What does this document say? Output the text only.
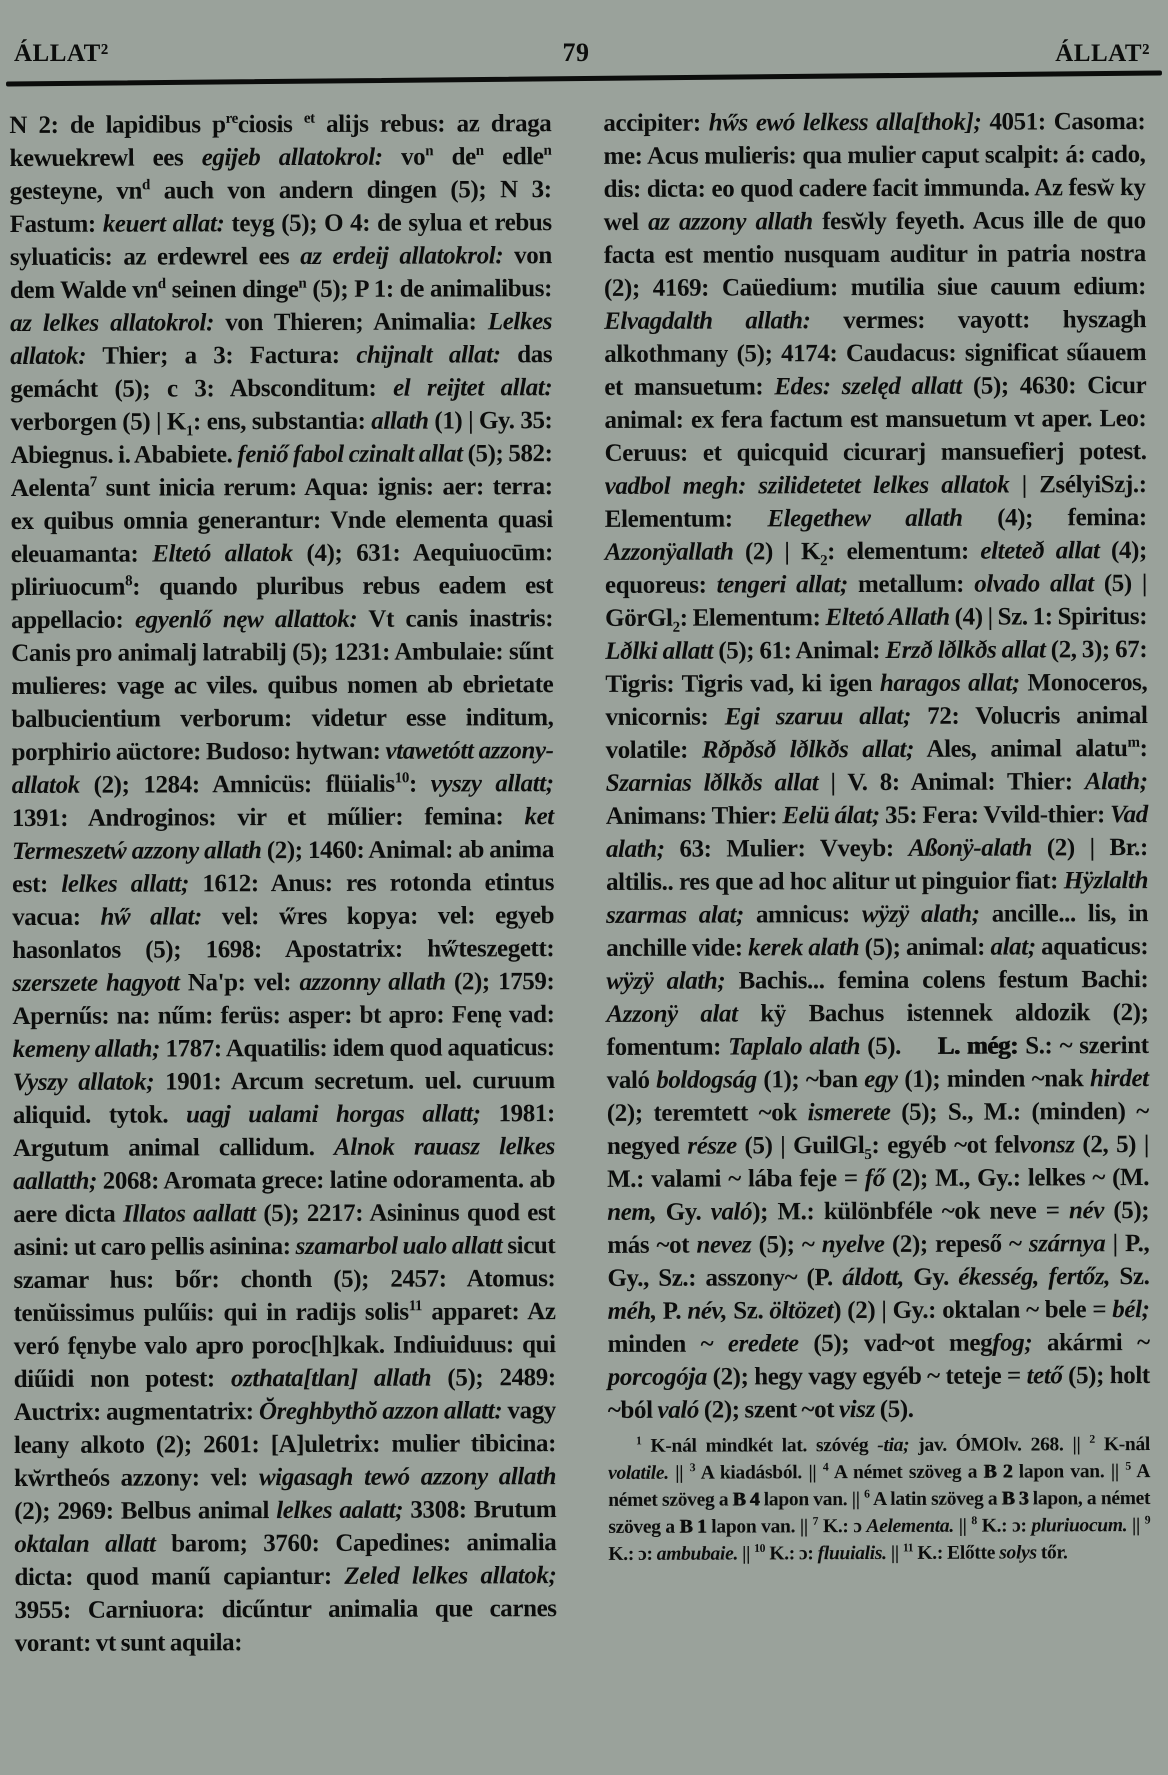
ÁLLAT²	79	ÁLLAT²
N 2: de lapidibus $p^{re}ciosis$ $^{et}$ alijs rebus: az draga kewuekrewl ees egijeb allatokrol: $vo^n$ $de^n$ edle$^n$ gesteyne, $vn^d$ auch von andern dingen (5); N 3: Fastum: keuert allat: teyg (5); O 4: de sylua et rebus syluaticis: az erdewrel ees az erdeij allatokrol: von dem Walde $vn^d$ seinen dinge$^n$ (5); P 1: de animalibus: az lelkes allatokrol: von Thieren; Animalia: Lelkes allatok: Thier; a 3: Factura: chijnalt allat: das gemácht (5); c 3: Absconditum: el reijtet allat: verborgen (5) | $K_1$: ens, substantia: allath (1) | Gy. 35: Abiegnus. i. Ababiete. feniő fabol czinalt allat (5); 582: Aelenta$^7$ sunt inicia rerum: Aqua: ignis: aer: terra: ex quibus omnia generantur: Vnde elementa quasi eleuamanta: Eltetó allatok (4); 631: Aequiuocūm: pliriuocum$^8$: quando pluribus rebus eadem est appellacio: egyenlő nęw allattok: Vt canis inastris: Canis pro animalj latrabilj (5); 1231: Ambulaie: sűnt mulieres: vage ac viles. quibus nomen ab ebrietate balbucientium verborum: videtur esse inditum, porphirio aüctore: Budoso: hytwan: vtawetótt azzony-allatok (2); 1284: Amnicüs: flüialis$^{10}$: vyszy allatt; 1391: Androginos: vir et műlier: femina: ket Termeszetẃ azzony allath (2); 1460: Animal: ab anima est: lelkes allatt; 1612: Anus: res rotonda etintus vacua: hw̋ allat: vel: w̋res kopya: vel: egyeb hasonlatos (5); 1698: Apostatrix: hw̋teszegett: szerszete hagyott Na'p: vel: azzonny allath (2); 1759: Apernűs: na: nűm: ferüs: asper: bt apro: Fenę vad: kemeny allath; 1787: Aquatilis: idem quod aquaticus: Vyszy allatok; 1901: Arcum secretum. uel. curuum aliquid. tytok. uagj ualami horgas allatt; 1981: Argutum animal callidum. Alnok rauasz lelkes aallatth; 2068: Aromata grece: latine odoramenta. ab aere dicta Illatos aallatt (5); 2217: Asininus quod est asini: ut caro pellis asinina: szamarbol ualo allatt sicut szamar hus: bőr: chonth (5); 2457: Atomus: tenŭissimus pulűis: qui in radijs solis$^{11}$ apparet: Az veró fęnybe valo apro poroc[h]kak. Indiuiduus: qui diűidi non potest: ozthata[tlan] allath (5); 2489: Auctrix: augmentatrix: Ŏreghbythŏ azzon allatt: vagy leany alkoto (2); 2601: [A]uletrix: mulier tibicina: kw̆rtheós azzony: vel: wigasagh tewó azzony allath (2); 2969: Belbus animal lelkes aalatt; 3308: Brutum oktalan allatt barom; 3760: Capedines: animalia dicta: quod manű capiantur: Zeled lelkes allatok; 3955: Carniuora: dicűntur animalia que carnes vorant: vt sunt aquila:
accipiter: hw̋s ewó lelkess alla[thok]; 4051: Casoma: me: Acus mulieris: qua mulier caput scalpit: á: cado, dis: dicta: eo quod cadere facit immunda. Az fesw̆ ky wel az azzony allath fesw̆ly feyeth. Acus ille de quo facta est mentio nusquam auditur in patria nostra (2); 4169: Caüedium: mutilia siue cauum edium: Elvagdalth allath: vermes: vayott: hyszagh alkothmany (5); 4174: Caudacus: significat sűauem et mansuetum: Edes: szelęd allatt (5); 4630: Cicur animal: ex fera factum est mansuetum vt aper. Leo: Ceruus: et quicquid cicurarj mansuefierj potest. vadbol megh: szilidetetet lelkes allatok | ZsélyiSzj.: Elementum: Elegethew allath (4); femina: Azzonÿallath (2) | $K_2$: elementum: elteteð allat (4); equoreus: tengeri allat; metallum: olvado allat (5) | GörGl$_2$: Elementum: Eltetó Allath (4) | Sz. 1: Spiritus: Lðlki allatt (5); 61: Animal: Erzð lðlkðs allat (2, 3); 67: Tigris: Tigris vad, ki igen haragos allat; Monoceros, vnicornis: Egi szaruu allat; 72: Volucris animal volatile: Rðpðsð lðlkðs allat; Ales, animal alatu$^m$: Szarnias lðlkðs allat | V. 8: Animal: Thier: Alath; Animans: Thier: Eelü álat; 35: Fera: Vvild-thier: Vad alath; 63: Mulier: Vveyb: Aßonÿ-alath (2) | Br.: altilis.. res que ad hoc alitur ut pinguior fiat: Hÿzlalth szarmas alat; amnicus: wÿzÿ alath; ancille... lis, in anchille vide: kerek alath (5); animal: alat; aquaticus: wÿzÿ alath; Bachis... femina colens festum Bachi: Azzonÿ alat kÿ Bachus istennek aldozik (2); fomentum: Taplalo alath (5).  L. még: S.: ~ szerint való boldogság (1); ~ban egy (1); minden ~nak hirdet (2); teremtett ~ok ismerete (5); S., M.: (minden) ~ negyed része (5) | GuilGl$_5$: egyéb ~ot felvonsz (2, 5) | M.: valami ~ lába feje = fő (2); M., Gy.: lelkes ~ (M. nem, Gy. való); M.: különbféle ~ok neve = név (5); más ~ot nevez (5); ~ nyelve (2); repeső ~ szárnya | P., Gy., Sz.: asszony~ (P. áldott, Gy. ékesség, fertőz, Sz. méh, P. név, Sz. öltözet) (2) | Gy.: oktalan ~ bele = bél; minden ~ eredete (5); vad~ot megfog; akármi ~ porcogója (2); hegy vagy egyéb ~ teteje = tető (5); holt ~ból való (2); szent ~ot visz (5).
$^1$ K-nál mindkét lat. szóvég -tia; jav. ÓMOlv. 268. || $^2$ K-nál volatile. || $^3$ A kiadásból. || $^4$ A német szöveg a B 2 lapon van. || $^5$ A német szöveg a B 4 lapon van. || $^6$ A latin szöveg a B 3 lapon, a német szöveg a B 1 lapon van. || $^7$ K.: ɔ Aelementa. || $^8$ K.: ɔ: pluriuocum. || $^9$ K.: ɔ: ambubaie. || $^{10}$ K.: ɔ: fluuialis. || $^{11}$ K.: Előtte solys tőr.
